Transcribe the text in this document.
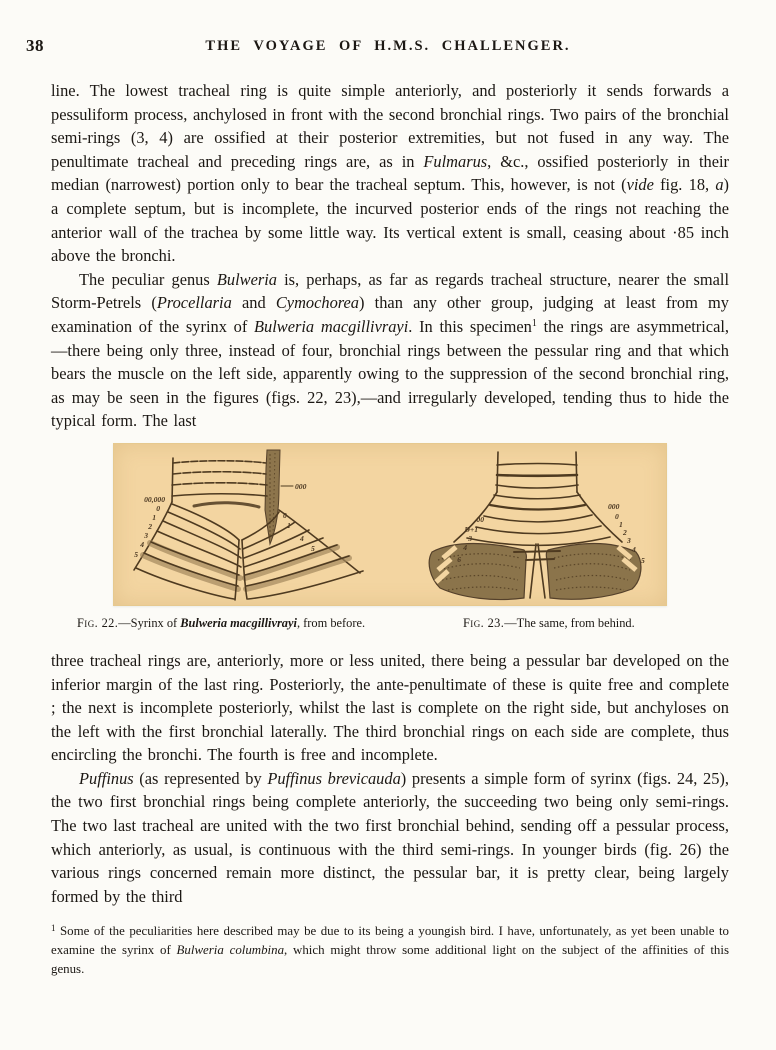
38	THE VOYAGE OF H.M.S. CHALLENGER.

line. The lowest tracheal ring is quite simple anteriorly, and posteriorly it sends forwards a pessuliform process, anchylosed in front with the second bronchial rings. Two pairs of the bronchial semi-rings (3, 4) are ossified at their posterior extremities, but not fused in any way. The penultimate tracheal and preceding rings are, as in Fulmarus, &c., ossified posteriorly in their median (narrowest) portion only to bear the tracheal septum. This, however, is not (vide fig. 18, a) a complete septum, but is incomplete, the incurved posterior ends of the rings not reaching the anterior wall of the trachea by some little way. Its vertical extent is small, ceasing about ·85 inch above the bronchi.

The peculiar genus Bulweria is, perhaps, as far as regards tracheal structure, nearer the small Storm-Petrels (Procellaria and Cymochorea) than any other group, judging at least from my examination of the syrinx of Bulweria macgillivrayi. In this specimen$^1$ the rings are asymmetrical,—there being only three, instead of four, bronchial rings between the pessular ring and that which bears the muscle on the left side, apparently owing to the suppression of the second bronchial ring, as may be seen in the figures (figs. 22, 23),—and irregularly developed, tending thus to hide the typical form. The last

00,000
0
1
2
3
4
5
000
0
1
4
5
00
D+1
3
4
6
000
0
1
2
3
4
5
Fig. 22.—Syrinx of Bulweria macgillivrayi, from before.	Fig. 23.—The same, from behind.

three tracheal rings are, anteriorly, more or less united, there being a pessular bar developed on the inferior margin of the last ring. Posteriorly, the ante-penultimate of these is quite free and complete ; the next is incomplete posteriorly, whilst the last is complete on the right side, but anchyloses on the left with the first bronchial laterally. The third bronchial rings on each side are complete, thus encircling the bronchi. The fourth is free and incomplete.

Puffinus (as represented by Puffinus brevicauda) presents a simple form of syrinx (figs. 24, 25), the two first bronchial rings being complete anteriorly, the succeeding two being only semi-rings. The two last tracheal are united with the two first bronchial behind, sending off a pessular process, which anteriorly, as usual, is continuous with the third semi-rings. In younger birds (fig. 26) the various rings concerned remain more distinct, the pessular bar, it is pretty clear, being largely formed by the third

$^1$ Some of the peculiarities here described may be due to its being a youngish bird. I have, unfortunately, as yet been unable to examine the syrinx of Bulweria columbina, which might throw some additional light on the subject of the affinities of this genus.
